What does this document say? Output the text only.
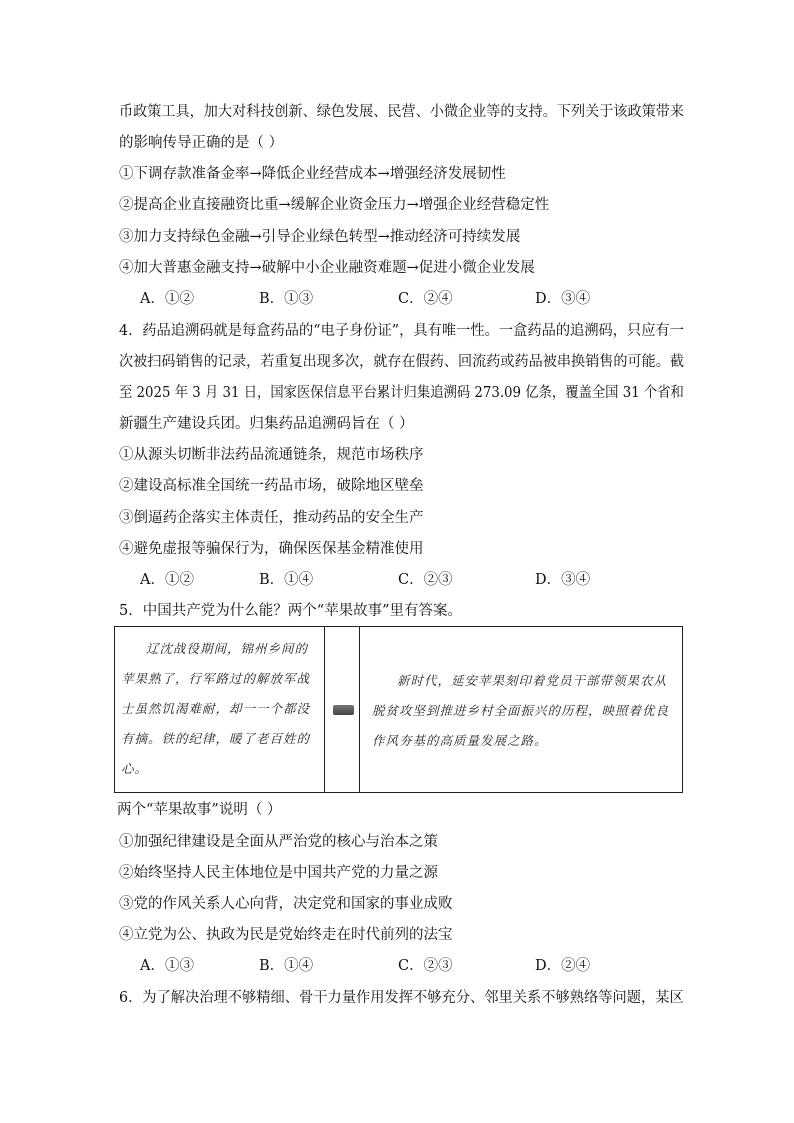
币政策工具，加大对科技创新、绿色发展、民营、小微企业等的支持。下列关于该政策带来
的影响传导正确的是（ ）
①下调存款准备金率→降低企业经营成本→增强经济发展韧性
②提高企业直接融资比重→缓解企业资金压力→增强企业经营稳定性
③加力支持绿色金融→引导企业绿色转型→推动经济可持续发展
④加大普惠金融支持→破解中小企业融资难题→促进小微企业发展
A．①②	B．①③	C．②④	D．③④
4．药品追溯码就是每盒药品的“电子身份证”，具有唯一性。一盒药品的追溯码，只应有一
次被扫码销售的记录，若重复出现多次，就存在假药、回流药或药品被串换销售的可能。截
至 2025 年 3 月 31 日，国家医保信息平台累计归集追溯码 273.09 亿条，覆盖全国 31 个省和
新疆生产建设兵团。归集药品追溯码旨在（ ）
①从源头切断非法药品流通链条，规范市场秩序
②建设高标准全国统一药品市场，破除地区壁垒
③倒逼药企落实主体责任，推动药品的安全生产
④避免虚报等骗保行为，确保医保基金精准使用
A．①②	B．①④	C．②③	D．③④
5．中国共产党为什么能？两个“苹果故事”里有答案。
辽沈战役期间，锦州乡间的苹果熟了，行军路过的解放军战士虽然饥渴难耐，却一一个都没有摘。铁的纪律，暖了老百姓的心。
新时代，延安苹果刻印着党员干部带领果农从脱贫攻坚到推进乡村全面振兴的历程，映照着优良作风夯基的高质量发展之路。
两个“苹果故事”说明（ ）
①加强纪律建设是全面从严治党的核心与治本之策
②始终坚持人民主体地位是中国共产党的力量之源
③党的作风关系人心向背，决定党和国家的事业成败
④立党为公、执政为民是党始终走在时代前列的法宝
A．①③	B．①④	C．②③	D．②④
6．为了解决治理不够精细、骨干力量作用发挥不够充分、邻里关系不够熟络等问题，某区
